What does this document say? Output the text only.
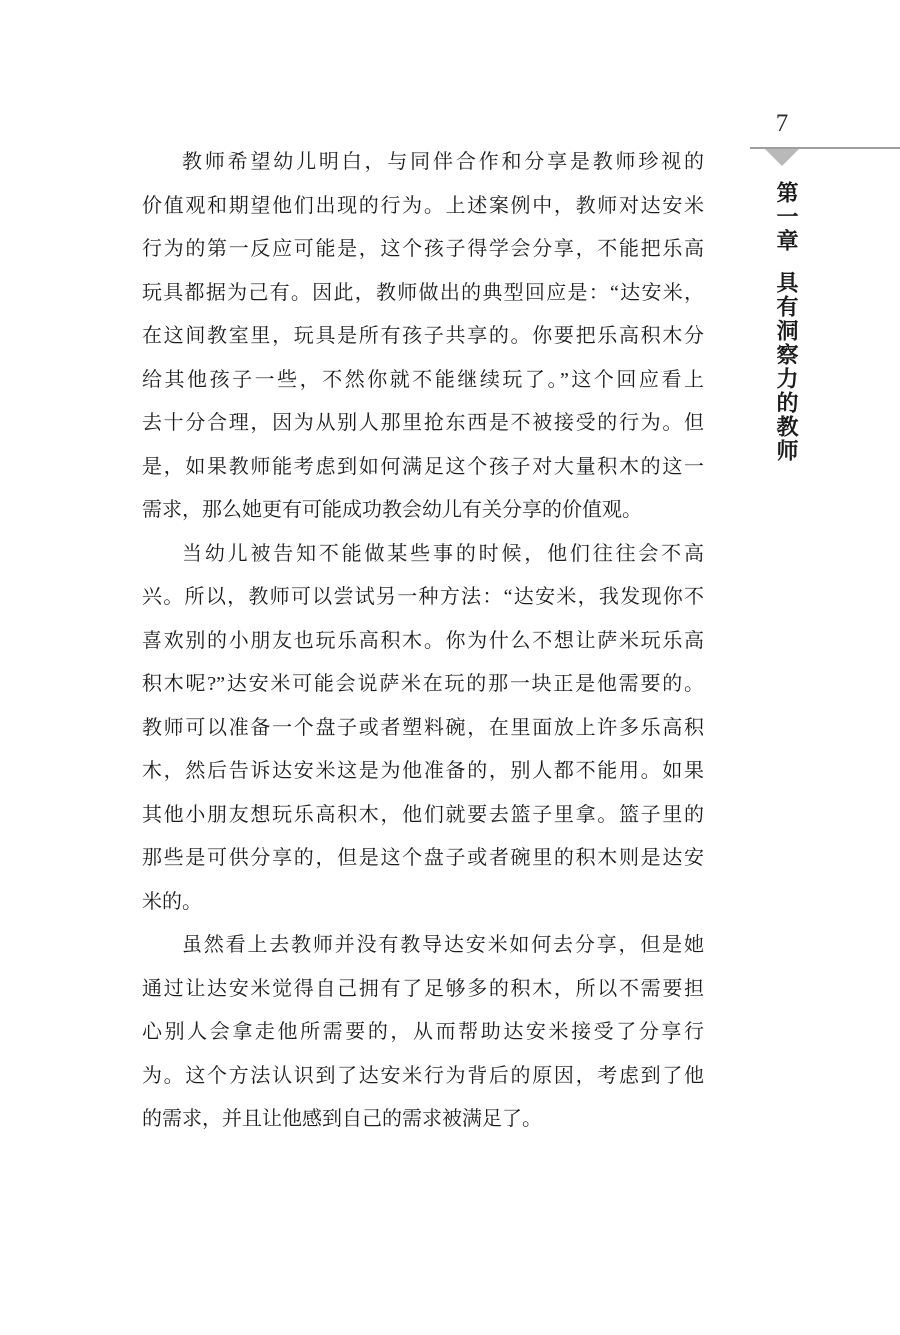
7
第一章
具有洞察力的教师
教师希望幼儿明白，与同伴合作和分享是教师珍视的
价值观和期望他们出现的行为。上述案例中，教师对达安米
行为的第一反应可能是，这个孩子得学会分享，不能把乐高
玩具都据为己有。因此，教师做出的典型回应是：“达安米，
在这间教室里，玩具是所有孩子共享的。你要把乐高积木分
给其他孩子一些，不然你就不能继续玩了。”这个回应看上
去十分合理，因为从别人那里抢东西是不被接受的行为。但
是，如果教师能考虑到如何满足这个孩子对大量积木的这一
需求，那么她更有可能成功教会幼儿有关分享的价值观。
当幼儿被告知不能做某些事的时候，他们往往会不高
兴。所以，教师可以尝试另一种方法：“达安米，我发现你不
喜欢别的小朋友也玩乐高积木。你为什么不想让萨米玩乐高
积木呢?”达安米可能会说萨米在玩的那一块正是他需要的。
教师可以准备一个盘子或者塑料碗，在里面放上许多乐高积
木，然后告诉达安米这是为他准备的，别人都不能用。如果
其他小朋友想玩乐高积木，他们就要去篮子里拿。篮子里的
那些是可供分享的，但是这个盘子或者碗里的积木则是达安
米的。
虽然看上去教师并没有教导达安米如何去分享，但是她
通过让达安米觉得自己拥有了足够多的积木，所以不需要担
心别人会拿走他所需要的，从而帮助达安米接受了分享行
为。这个方法认识到了达安米行为背后的原因，考虑到了他
的需求，并且让他感到自己的需求被满足了。
